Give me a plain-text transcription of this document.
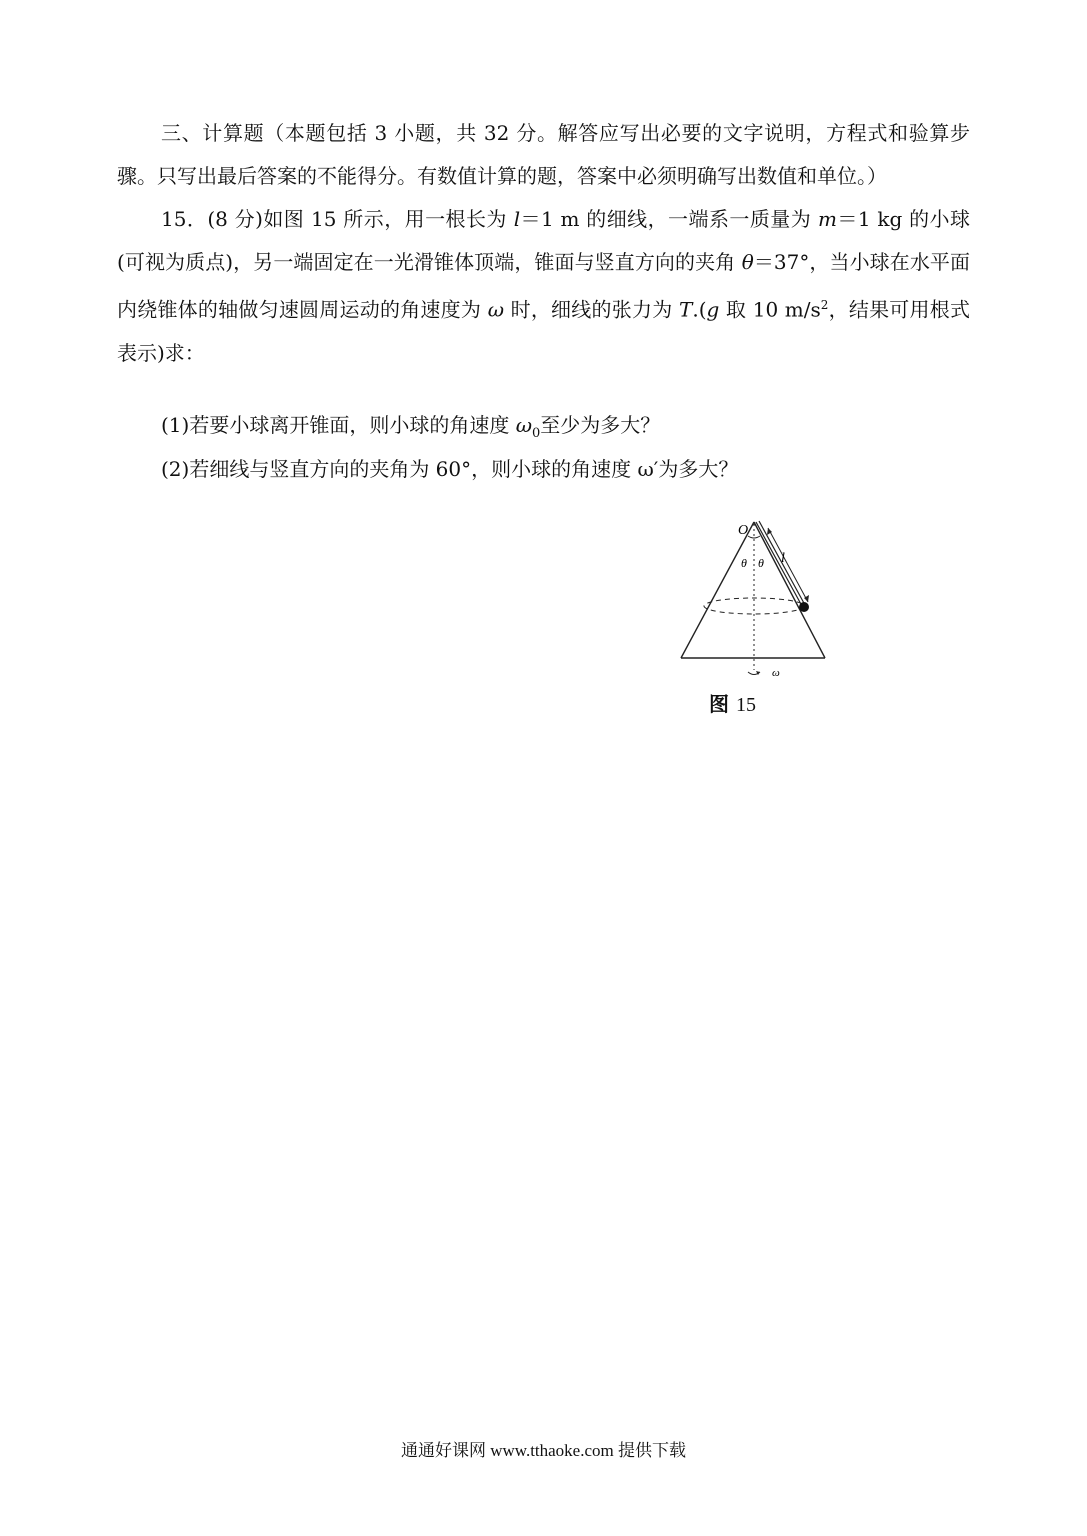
三、计算题（本题包括 3 小题，共 32 分。解答应写出必要的文字说明，方程式和验算步骤。只写出最后答案的不能得分。有数值计算的题，答案中必须明确写出数值和单位。）
15．(8 分)如图 15 所示，用一根长为 l＝1 m 的细线，一端系一质量为 m＝1 kg 的小球(可视为质点)，另一端固定在一光滑锥体顶端，锥面与竖直方向的夹角 θ＝37°，当小球在水平面内绕锥体的轴做匀速圆周运动的角速度为 ω 时，细线的张力为 T.(g 取 10 $m/s^2$，结果可用根式表示)求：
(1)若要小球离开锥面，则小球的角速度 $\omega_0$至少为多大？
(2)若细线与竖直方向的夹角为 60°，则小球的角速度 ω′为多大？
O
θ θ l
ω
图 15
通通好课网 www.tthaoke.com 提供下载
